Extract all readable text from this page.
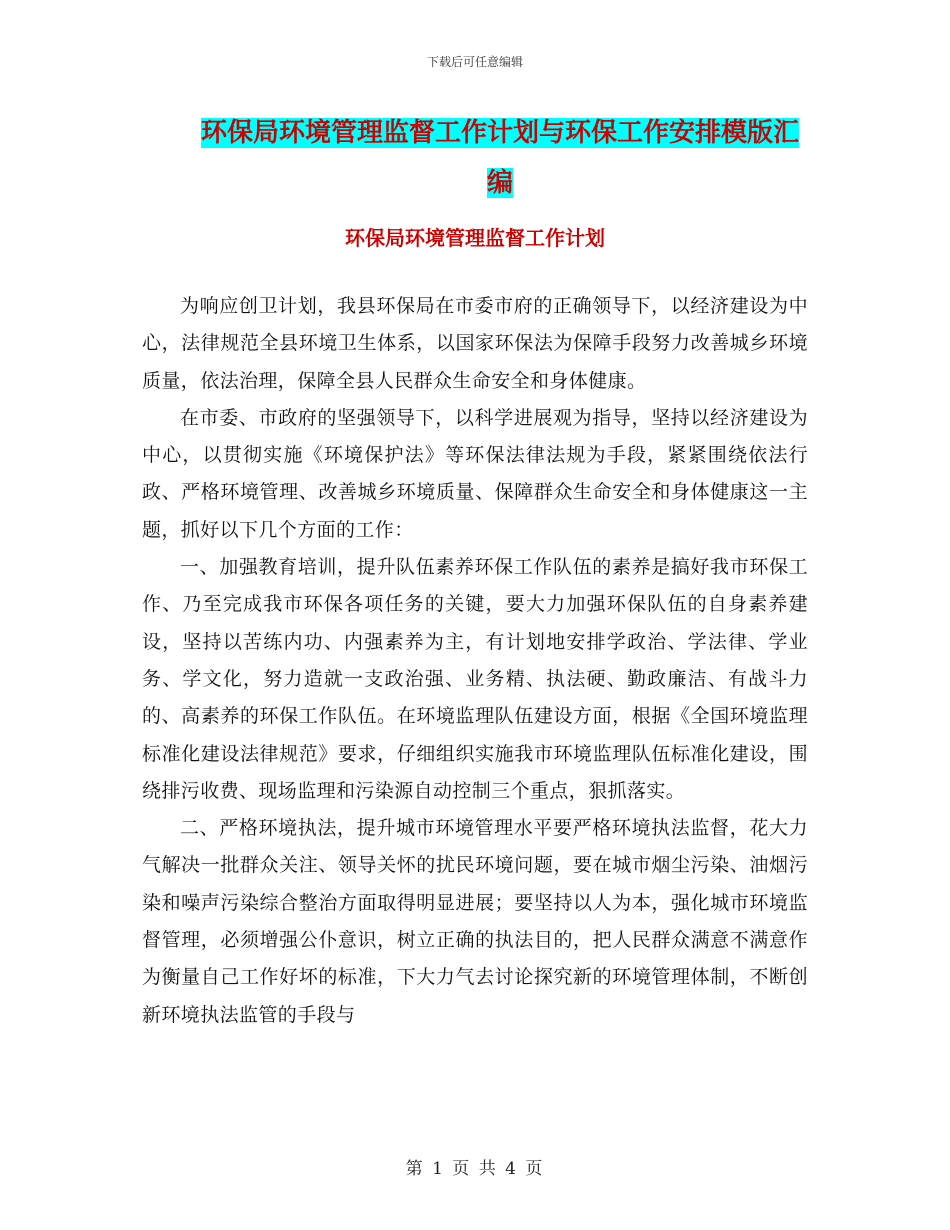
下载后可任意编辑
环保局环境管理监督工作计划与环保工作安排模版汇编
环保局环境管理监督工作计划

为响应创卫计划，我县环保局在市委市府的正确领导下，以经济建设为中心，法律规范全县环境卫生体系，以国家环保法为保障手段努力改善城乡环境质量，依法治理，保障全县人民群众生命安全和身体健康。

在市委、市政府的坚强领导下，以科学进展观为指导，坚持以经济建设为中心，以贯彻实施《环境保护法》等环保法律法规为手段，紧紧围绕依法行政、严格环境管理、改善城乡环境质量、保障群众生命安全和身体健康这一主题，抓好以下几个方面的工作：

一、加强教育培训，提升队伍素养环保工作队伍的素养是搞好我市环保工作、乃至完成我市环保各项任务的关键，要大力加强环保队伍的自身素养建设，坚持以苦练内功、内强素养为主，有计划地安排学政治、学法律、学业务、学文化，努力造就一支政治强、业务精、执法硬、勤政廉洁、有战斗力的、高素养的环保工作队伍。在环境监理队伍建设方面，根据《全国环境监理标准化建设法律规范》要求，仔细组织实施我市环境监理队伍标准化建设，围绕排污收费、现场监理和污染源自动控制三个重点，狠抓落实。

二、严格环境执法，提升城市环境管理水平要严格环境执法监督，花大力气解决一批群众关注、领导关怀的扰民环境问题，要在城市烟尘污染、油烟污染和噪声污染综合整治方面取得明显进展；要坚持以人为本，强化城市环境监督管理，必须增强公仆意识，树立正确的执法目的，把人民群众满意不满意作为衡量自己工作好坏的标准，下大力气去讨论探究新的环境管理体制，不断创新环境执法监管的手段与

第 1 页 共 4 页
